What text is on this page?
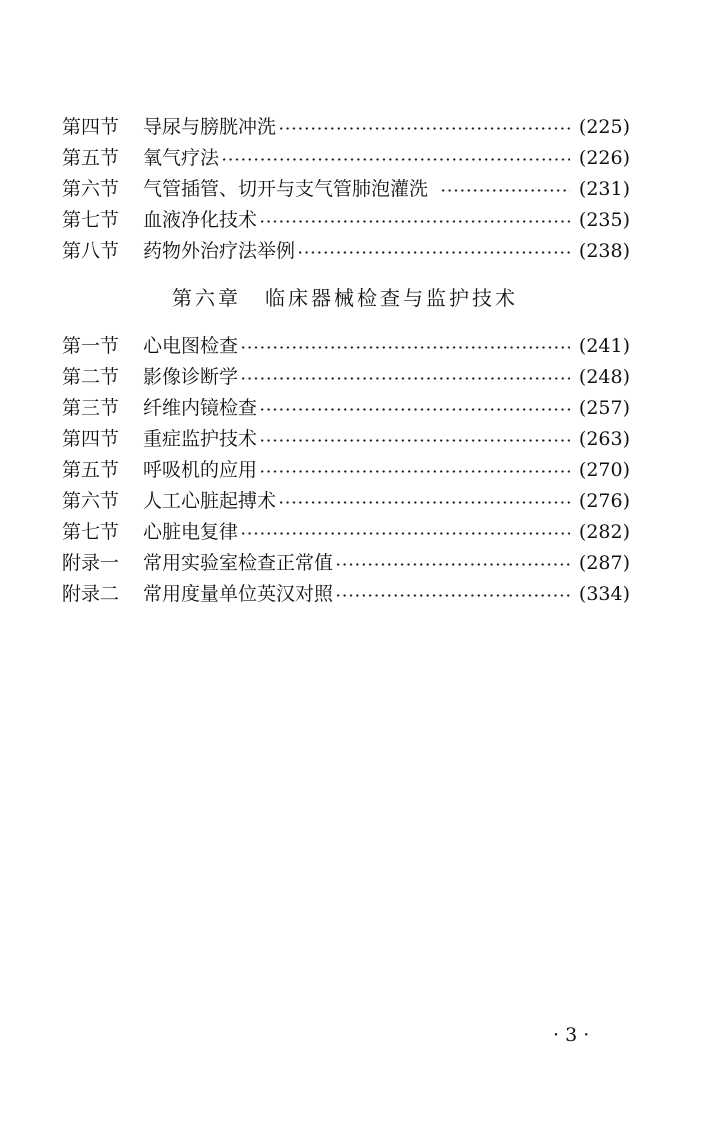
第四节	导尿与膀胱冲洗	(225)
第五节	氧气疗法	(226)
第六节	气管插管、切开与支气管肺泡灌洗	(231)
第七节	血液净化技术	(235)
第八节	药物外治疗法举例	(238)
第六章 临床器械检查与监护技术
第一节	心电图检查	(241)
第二节	影像诊断学	(248)
第三节	纤维内镜检查	(257)
第四节	重症监护技术	(263)
第五节	呼吸机的应用	(270)
第六节	人工心脏起搏术	(276)
第七节	心脏电复律	(282)
附录一	常用实验室检查正常值	(287)
附录二	常用度量单位英汉对照	(334)
· 3 ·
